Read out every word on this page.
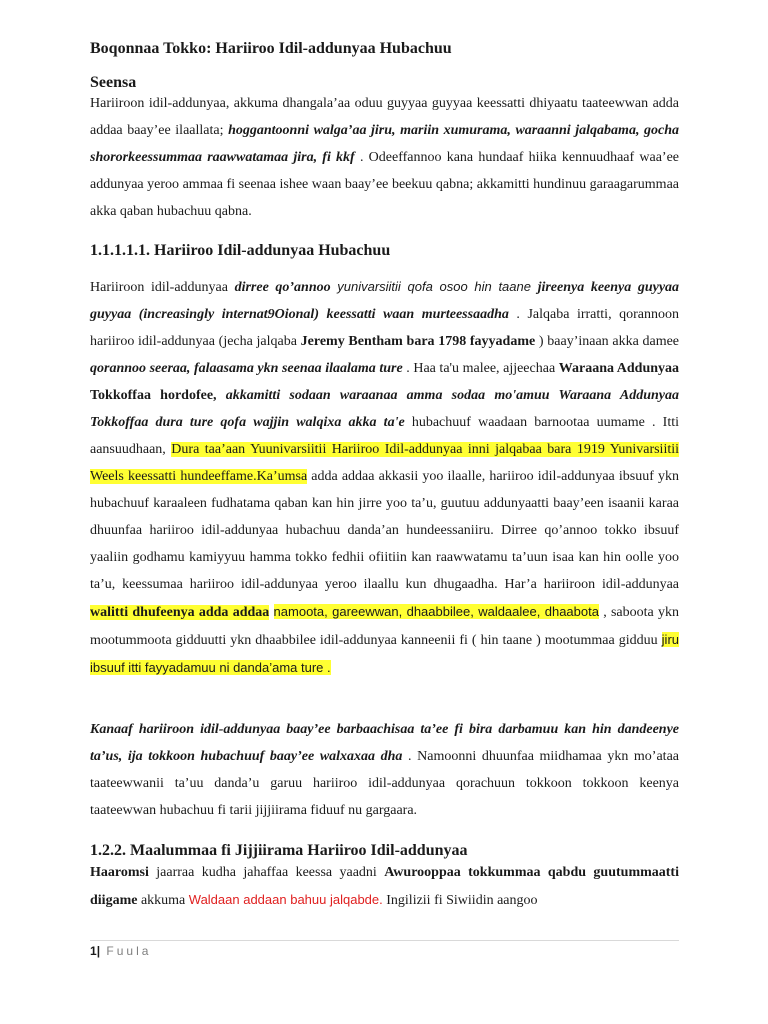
Boqonnaa Tokko: Hariiroo Idil-addunyaa Hubachuu
Seensa

Hariiroon idil-addunyaa, akkuma dhangala’aa oduu guyyaa guyyaa keessatti dhiyaatu taateewwan adda addaa baay’ee ilaallata; hoggantoonni walga’aa jiru, mariin xumurama, waraanni jalqabama, gocha shororkeessummaa raawwatamaa jira, fi kkf . Odeeffannoo kana hundaaf hiika kennuudhaaf waa’ee addunyaa yeroo ammaa fi seenaa ishee waan baay’ee beekuu qabna; akkamitti hundinuu garaagarummaa akka qaban hubachuu qabna.

1.1.1.1.1. Hariiroo Idil-addunyaa Hubachuu

Hariiroon idil-addunyaa dirree qo’annoo yunivarsiitii qofa osoo hin taane jireenya keenya guyyaa guyyaa (increasingly internat9Oional) keessatti waan murteessaadha . Jalqaba irratti, qorannoon hariiroo idil-addunyaa (jecha jalqaba Jeremy Bentham bara 1798 fayyadame ) baay’inaan akka damee qorannoo seeraa, falaasama ykn seenaa ilaalama ture . Haa ta'u malee, ajjeechaa Waraana Addunyaa Tokkoffaa hordofee, akkamitti sodaan waraanaa amma sodaa mo'amuu Waraana Addunyaa Tokkoffaa dura ture qofa wajjin walqixa akka ta'e hubachuuf waadaan barnootaa uumame . Itti aansuudhaan, Dura taa’aan Yuunivarsiitii Hariiroo Idil-addunyaa inni jalqabaa bara 1919 Yunivarsiitii Weels keessatti hundeeffame.Ka’umsa adda addaa akkasii yoo ilaalle, hariiroo idil-addunyaa ibsuuf ykn hubachuuf karaaleen fudhatama qaban kan hin jirre yoo ta’u, guutuu addunyaatti baay’een isaanii karaa dhuunfaa hariiroo idil-addunyaa hubachuu danda’an hundeessaniiru. Dirree qo’annoo tokko ibsuuf yaaliin godhamu kamiyyuu hamma tokko fedhii ofiitiin kan raawwatamu ta’uun isaa kan hin oolle yoo ta’u, keessumaa hariiroo idil-addunyaa yeroo ilaallu kun dhugaadha. Har’a hariiroon idil-addunyaa walitti dhufeenya adda addaa namoota, gareewwan, dhaabbilee, waldaalee, dhaabota , saboota ykn mootummoota gidduutti ykn dhaabbilee idil-addunyaa kanneenii fi ( hin taane ) mootummaa gidduu jiru ibsuuf itti fayyadamuu ni danda’ama ture .

Kanaaf hariiroon idil-addunyaa baay’ee barbaachisaa ta’ee fi bira darbamuu kan hin dandeenye ta’us, ija tokkoon hubachuuf baay’ee walxaxaa dha . Namoonni dhuunfaa miidhamaa ykn mo’ataa taateewwanii ta’uu danda’u garuu hariiroo idil-addunyaa qorachuun tokkoon tokkoon keenya taateewwan hubachuu fi tarii jijjiirama fiduuf nu gargaara.

1.2.2. Maalummaa fi Jijjiirama Hariiroo Idil-addunyaa

Haaromsi jaarraa kudha jahaffaa keessa yaadni Awurooppaa tokkummaa qabdu guutummaatti diigame akkuma Waldaan addaan bahuu jalqabde. Ingilizii fi Siwiidin aangoo

1| Fuula
